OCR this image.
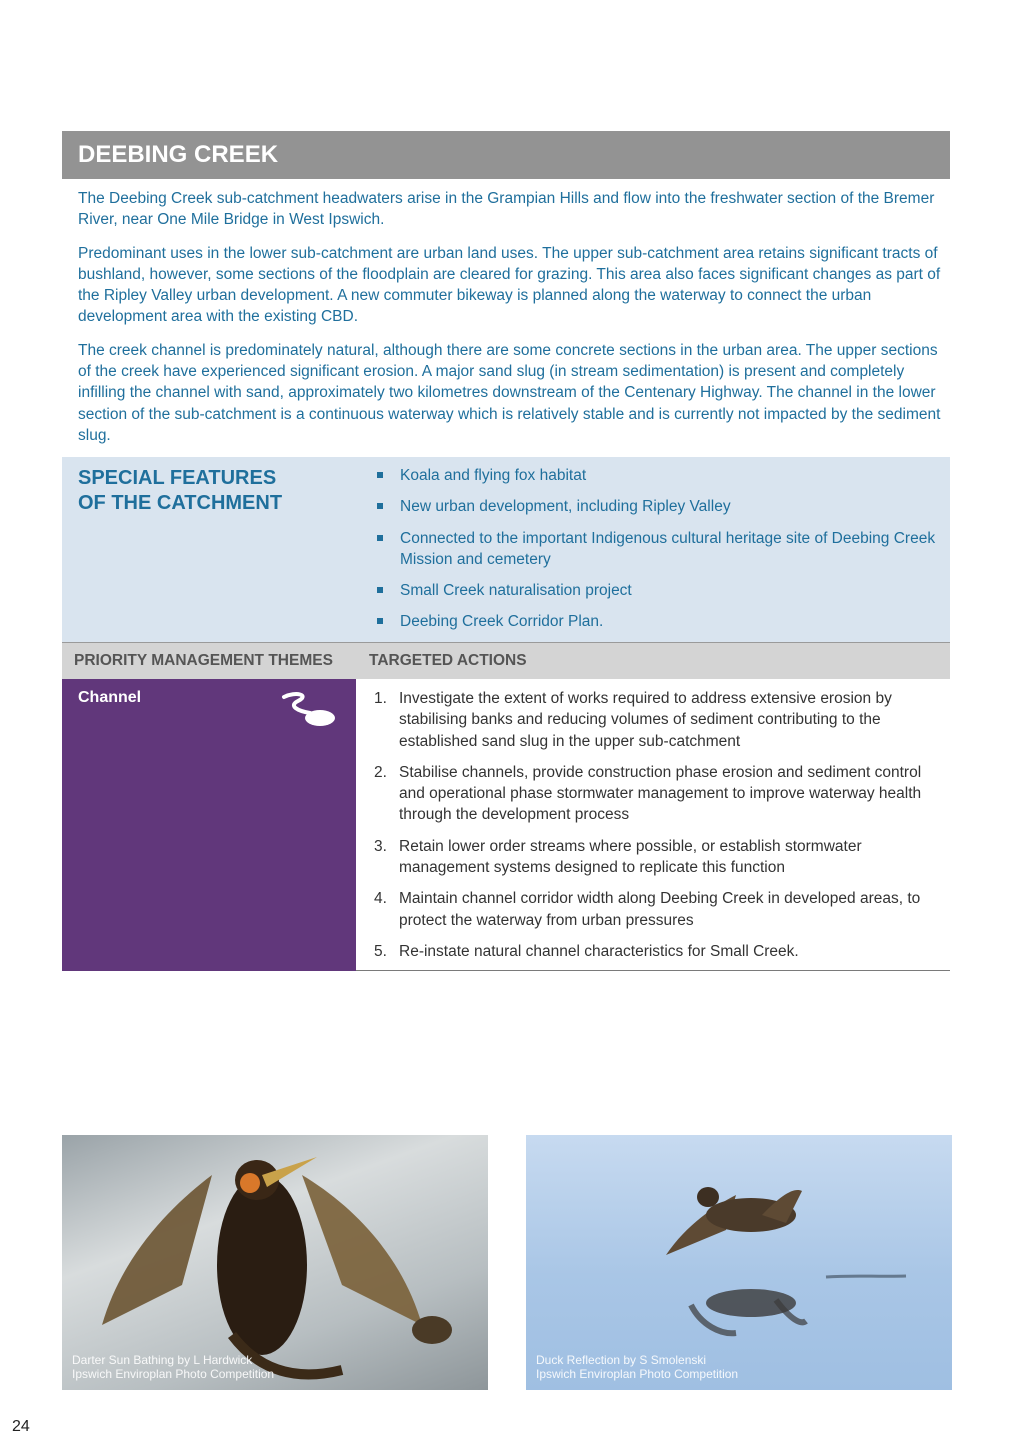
DEEBING CREEK

The Deebing Creek sub-catchment headwaters arise in the Grampian Hills and flow into the freshwater section of the Bremer River, near One Mile Bridge in West Ipswich.

Predominant uses in the lower sub-catchment are urban land uses. The upper sub-catchment area retains significant tracts of bushland, however, some sections of the floodplain are cleared for grazing. This area also faces significant changes as part of the Ripley Valley urban development. A new commuter bikeway is planned along the waterway to connect the urban development area with the existing CBD.

The creek channel is predominately natural, although there are some concrete sections in the urban area. The upper sections of the creek have experienced significant erosion. A major sand slug (in stream sedimentation) is present and completely infilling the channel with sand, approximately two kilometres downstream of the Centenary Highway. The channel in the lower section of the sub-catchment is a continuous waterway which is relatively stable and is currently not impacted by the sediment slug.

SPECIAL FEATURES
OF THE CATCHMENT
Koala and flying fox habitat
New urban development, including Ripley Valley
Connected to the important Indigenous cultural heritage site of Deebing Creek Mission and cemetery
Small Creek naturalisation project
Deebing Creek Corridor Plan.
PRIORITY MANAGEMENT THEMES TARGETED ACTIONS
Channel	1. Investigate the extent of works required to address extensive erosion by stabilising banks and reducing volumes of sediment contributing to the established sand slug in the upper sub-catchment
2. Stabilise channels, provide construction phase erosion and sediment control and operational phase stormwater management to improve waterway health through the development process
3. Retain lower order streams where possible, or establish stormwater management systems designed to replicate this function
4. Maintain channel corridor width along Deebing Creek in developed areas, to protect the waterway from urban pressures
5. Re-instate natural channel characteristics for Small Creek.
Darter Sun Bathing by L Hardwick
Ipswich Enviroplan Photo Competition
Duck Reflection by S Smolenski
Ipswich Enviroplan Photo Competition
24
